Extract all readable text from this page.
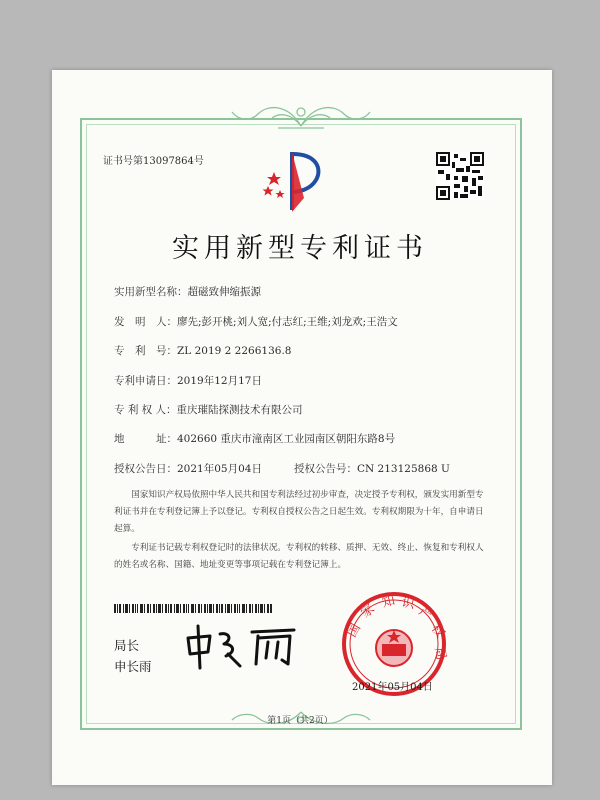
证书号第13097864号
实用新型专利证书
实用新型名称：超磁致伸缩振源
发　明　人：廖先;彭开桃;刘人宽;付志红;王维;刘龙欢;王浩文
专　利　号：ZL 2019 2 2266136.8
专利申请日：2019年12月17日
专 利 权 人：重庆璀陆探测技术有限公司
地　　　址：402660 重庆市潼南区工业园南区朝阳东路8号
授权公告日：2021年05月04日	授权公告号：CN 213125868 U
国家知识产权局依照中华人民共和国专利法经过初步审查，决定授予专利权，颁发实用新型专利证书并在专利登记簿上予以登记。专利权自授权公告之日起生效。专利权期限为十年，自申请日起算。
专利证书记载专利权登记时的法律状况。专利权的转移、质押、无效、终止、恢复和专利权人的姓名或名称、国籍、地址变更等事项记载在专利登记簿上。
局长
申长雨
国
家 知 识 产
权
局
2021年05月04日
第1页（共2页）
